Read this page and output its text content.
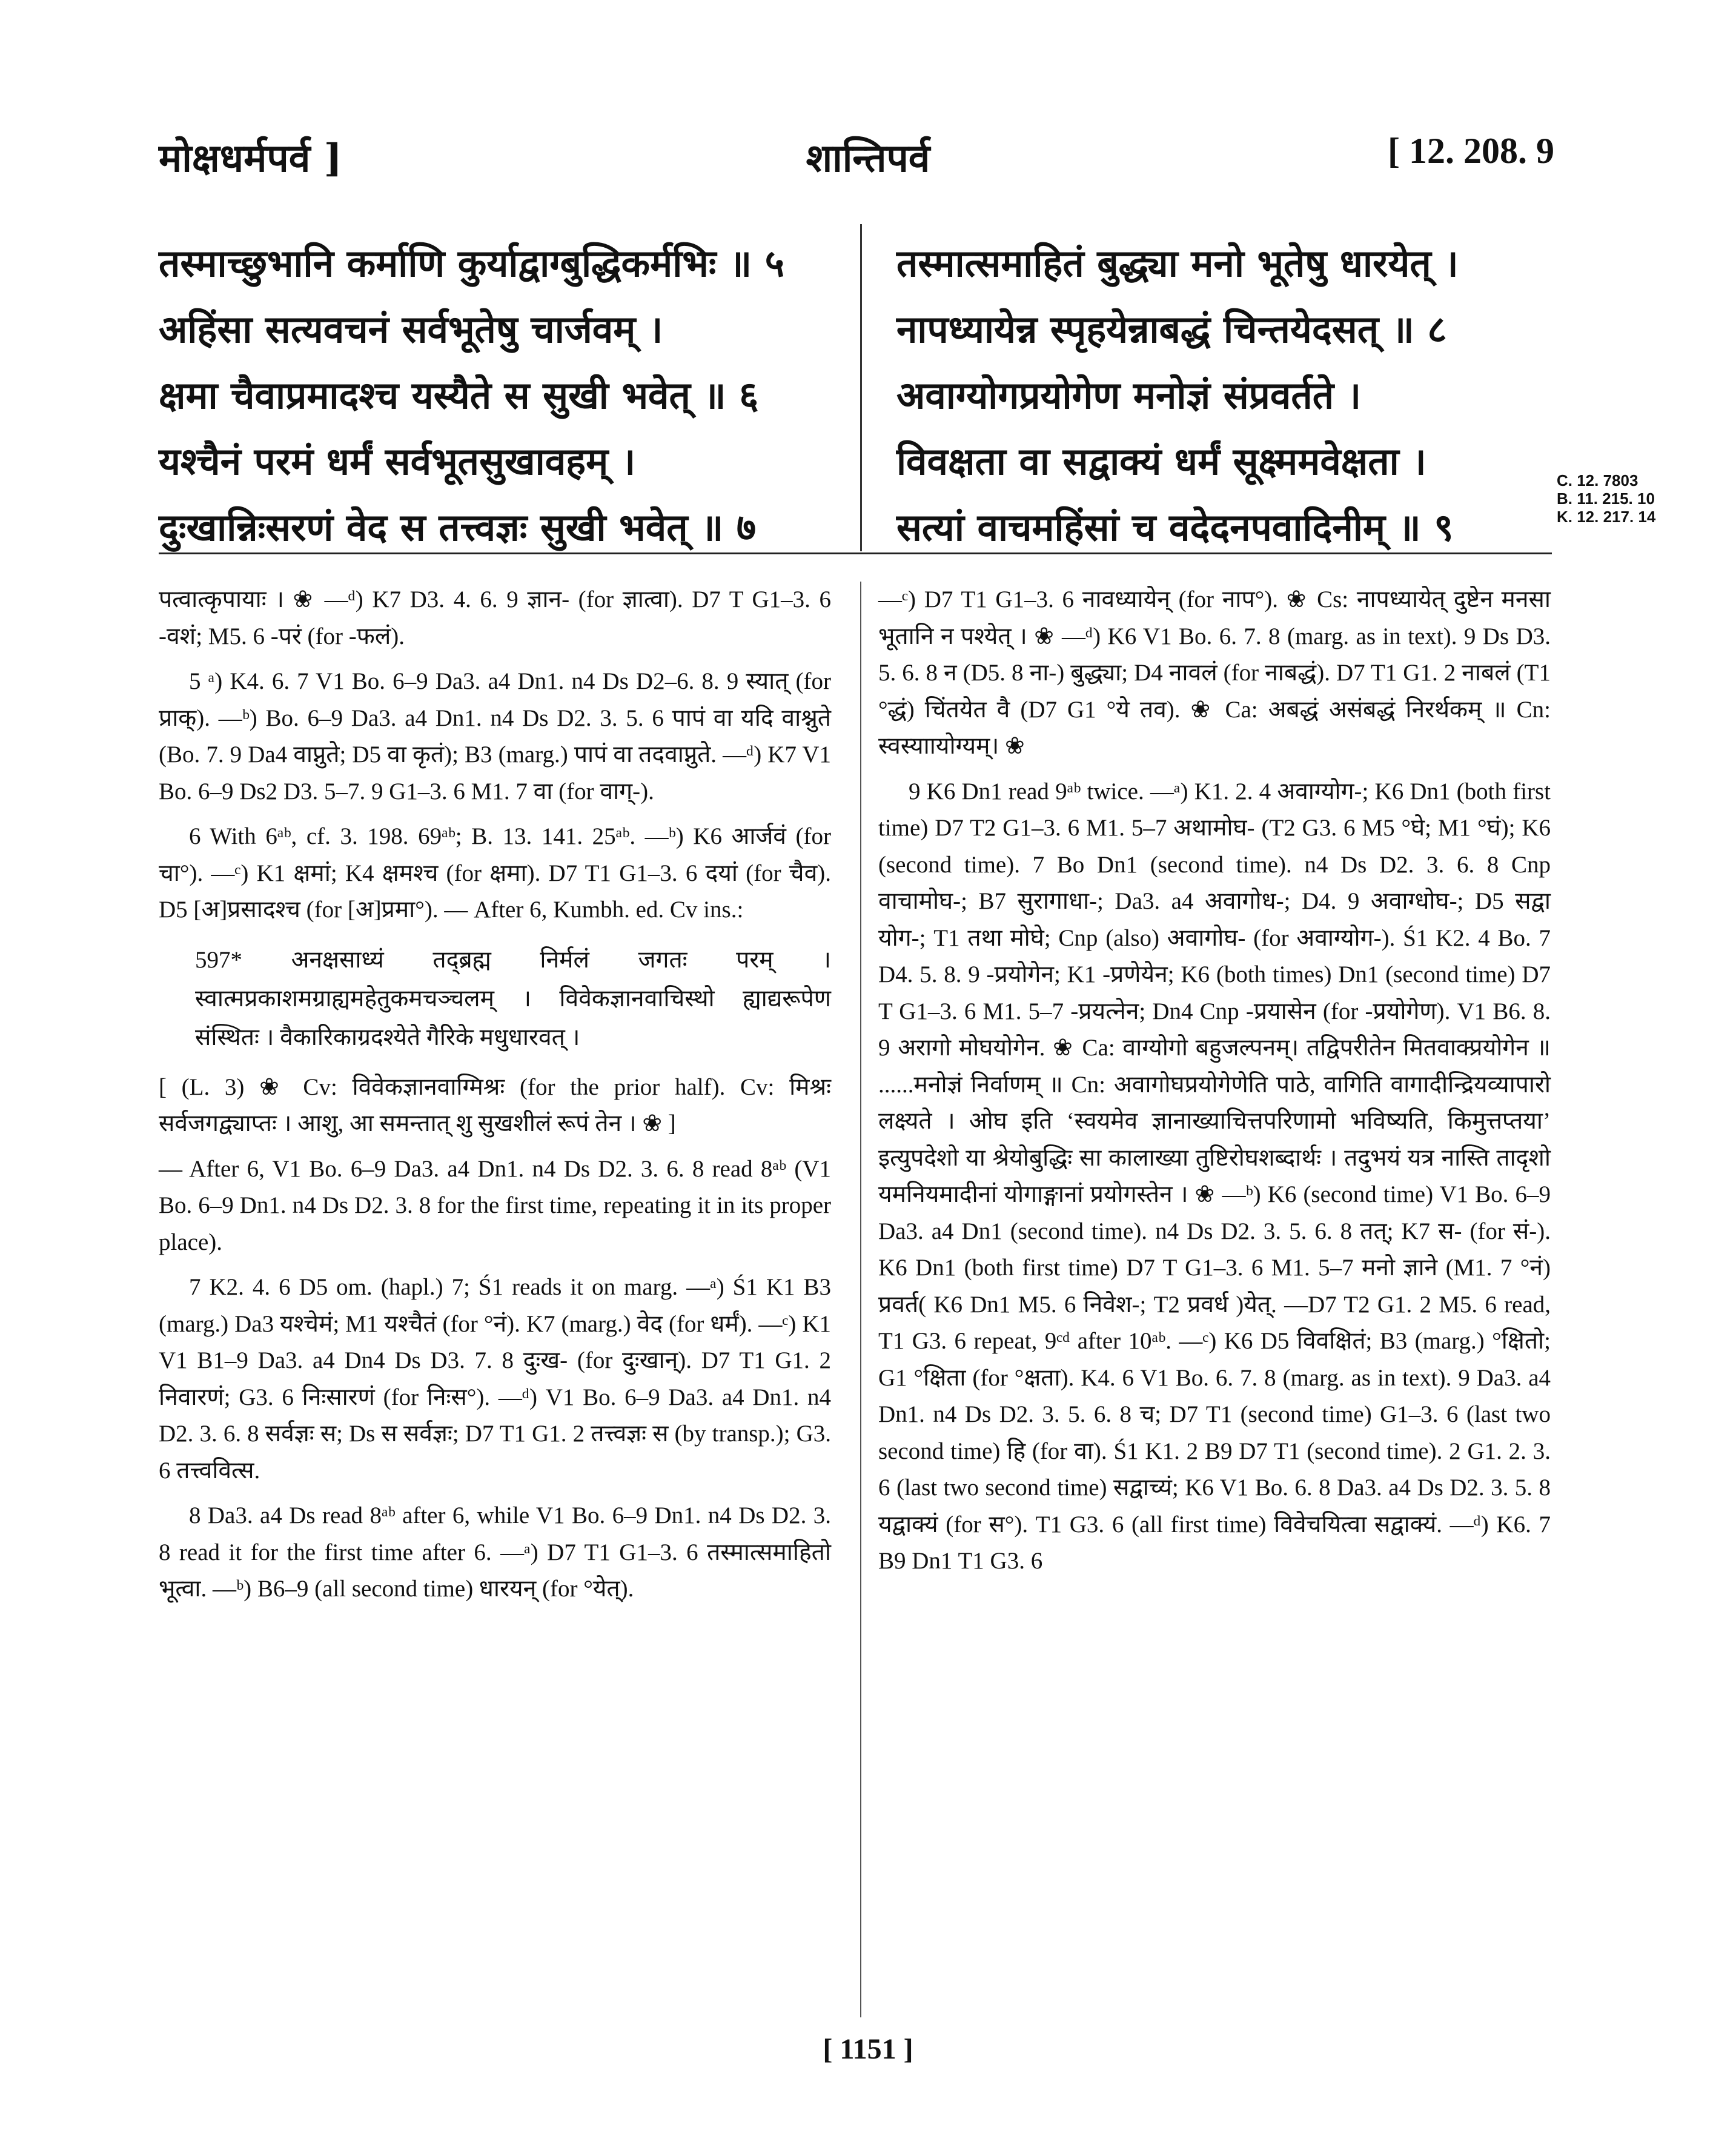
मोक्षधर्मपर्व ]	शान्तिपर्व	[ 12. 208. 9
तस्माच्छुभानि कर्माणि कुर्याद्वाग्बुद्धिकर्मभिः ॥ ५
अहिंसा सत्यवचनं सर्वभूतेषु चार्जवम् ।
क्षमा चैवाप्रमादश्च यस्यैते स सुखी भवेत् ॥ ६
यश्चैनं परमं धर्मं सर्वभूतसुखावहम् ।
दुःखान्निःसरणं वेद स तत्त्वज्ञः सुखी भवेत् ॥ ७
तस्मात्समाहितं बुद्ध्या मनो भूतेषु धारयेत् ।
नापध्यायेन्न स्पृहयेन्नाबद्धं चिन्तयेदसत् ॥ ८
अवाग्योगप्रयोगेण मनोज्ञं संप्रवर्तते ।
विवक्षता वा सद्वाक्यं धर्मं सूक्ष्ममवेक्षता ।
सत्यां वाचमहिंसां च वदेदनपवादिनीम् ॥ ९
C. 12. 7803
B. 11. 215. 10
K. 12. 217. 14

पत्वात्कृपायाः । ❀ —ᵈ) K7 D3. 4. 6. 9 ज्ञान- (for ज्ञात्वा). D7 T G1–3. 6 -वशं; M5. 6 -परं (for -फलं).

5 ᵃ) K4. 6. 7 V1 Bo. 6–9 Da3. a4 Dn1. n4 Ds D2–6. 8. 9 स्यात् (for प्राक्). —ᵇ) Bo. 6–9 Da3. a4 Dn1. n4 Ds D2. 3. 5. 6 पापं वा यदि वाश्नुते (Bo. 7. 9 Da4 वाप्नुते; D5 वा कृतं); B3 (marg.) पापं वा तदवाप्नुते. —ᵈ) K7 V1 Bo. 6–9 Ds2 D3. 5–7. 9 G1–3. 6 M1. 7 वा (for वाग्-).

6 With 6ᵃᵇ, cf. 3. 198. 69ᵃᵇ; B. 13. 141. 25ᵃᵇ. —ᵇ) K6 आर्जवं (for चा°). —ᶜ) K1 क्षमां; K4 क्षमश्च (for क्षमा). D7 T1 G1–3. 6 दयां (for चैव). D5 [अ]प्रसादश्च (for [अ]प्रमा°). — After 6, Kumbh. ed. Cv ins.:

597* अनक्षसाध्यं तद्ब्रह्म निर्मलं जगतः परम् । स्वात्मप्रकाशमग्राह्यमहेतुकमचञ्चलम् । विवेकज्ञानवाचिस्थो ह्याद्यरूपेण संस्थितः । वैकारिकाग्रदश्येते गैरिके मधुधारवत् ।

[ (L. 3) ❀ Cv: विवेकज्ञानवाग्मिश्रः (for the prior half). Cv: मिश्रः सर्वजगद्व्याप्तः । आशु, आ समन्तात् शु सुखशीलं रूपं तेन । ❀ ]

— After 6, V1 Bo. 6–9 Da3. a4 Dn1. n4 Ds D2. 3. 6. 8 read 8ᵃᵇ (V1 Bo. 6–9 Dn1. n4 Ds D2. 3. 8 for the first time, repeating it in its proper place).

7 K2. 4. 6 D5 om. (hapl.) 7; Ś1 reads it on marg. —ᵃ) Ś1 K1 B3 (marg.) Da3 यश्चेमं; M1 यश्चैतं (for °नं). K7 (marg.) वेद (for धर्मं). —ᶜ) K1 V1 B1–9 Da3. a4 Dn4 Ds D3. 7. 8 दुःख- (for दुःखान्). D7 T1 G1. 2 निवारणं; G3. 6 निःसारणं (for निःस°). —ᵈ) V1 Bo. 6–9 Da3. a4 Dn1. n4 D2. 3. 6. 8 सर्वज्ञः स; Ds स सर्वज्ञः; D7 T1 G1. 2 तत्त्वज्ञः स (by transp.); G3. 6 तत्त्ववित्स.

8 Da3. a4 Ds read 8ᵃᵇ after 6, while V1 Bo. 6–9 Dn1. n4 Ds D2. 3. 8 read it for the first time after 6. —ᵃ) D7 T1 G1–3. 6 तस्मात्समाहितो भूत्वा. —ᵇ) B6–9 (all second time) धारयन् (for °येत्).

—ᶜ) D7 T1 G1–3. 6 नावध्यायेन् (for नाप°). ❀ Cs: नापध्यायेत् दुष्टेन मनसा भूतानि न पश्येत् । ❀ —ᵈ) K6 V1 Bo. 6. 7. 8 (marg. as in text). 9 Ds D3. 5. 6. 8 न (D5. 8 ना-) बुद्ध्या; D4 नावलं (for नाबद्धं). D7 T1 G1. 2 नाबलं (T1 °द्धं) चिंतयेत वै (D7 G1 °ये तव). ❀ Ca: अबद्धं असंबद्धं निरर्थकम् ॥ Cn: स्वस्याायोग्यम्। ❀

9 K6 Dn1 read 9ᵃᵇ twice. —ᵃ) K1. 2. 4 अवाग्योग-; K6 Dn1 (both first time) D7 T2 G1–3. 6 M1. 5–7 अथामोघ- (T2 G3. 6 M5 °घे; M1 °घं); K6 (second time). 7 Bo Dn1 (second time). n4 Ds D2. 3. 6. 8 Cnp वाचामोघ-; B7 सुरागाधा-; Da3. a4 अवागोध-; D4. 9 अवाग्धोघ-; D5 सद्वा योग-; T1 तथा मोघे; Cnp (also) अवागोघ- (for अवाग्योग-). Ś1 K2. 4 Bo. 7 D4. 5. 8. 9 -प्रयोगेन; K1 -प्रणेयेन; K6 (both times) Dn1 (second time) D7 T G1–3. 6 M1. 5–7 -प्रयत्नेन; Dn4 Cnp -प्रयासेन (for -प्रयोगेण). V1 B6. 8. 9 अरागो मोघयोगेन. ❀ Ca: वाग्योगो बहुजल्पनम्। तद्विपरीतेन मितवाक्प्रयोगेन ॥ ......मनोज्ञं निर्वाणम् ॥ Cn: अवागोघप्रयोगेणेति पाठे, वागिति वागादीन्द्रियव्यापारो लक्ष्यते । ओघ इति ‘स्वयमेव ज्ञानाख्याचित्तपरिणामो भविष्यति, किमुत्तप्तया’ इत्युपदेशो या श्रेयोबुद्धिः सा कालाख्या तुष्टिरोघशब्दार्थः । तदुभयं यत्र नास्ति तादृशो यमनियमादीनां योगाङ्गानां प्रयोगस्तेन । ❀ —ᵇ) K6 (second time) V1 Bo. 6–9 Da3. a4 Dn1 (second time). n4 Ds D2. 3. 5. 6. 8 तत्; K7 स- (for सं-). K6 Dn1 (both first time) D7 T G1–3. 6 M1. 5–7 मनो ज्ञाने (M1. 7 °नं) प्रवर्त( K6 Dn1 M5. 6 निवेश-; T2 प्रवर्ध )येत्. —D7 T2 G1. 2 M5. 6 read, T1 G3. 6 repeat, 9ᶜᵈ after 10ᵃᵇ. —ᶜ) K6 D5 विवक्षितं; B3 (marg.) °क्षितो; G1 °क्षिता (for °क्षता). K4. 6 V1 Bo. 6. 7. 8 (marg. as in text). 9 Da3. a4 Dn1. n4 Ds D2. 3. 5. 6. 8 च; D7 T1 (second time) G1–3. 6 (last two second time) हि (for वा). Ś1 K1. 2 B9 D7 T1 (second time). 2 G1. 2. 3. 6 (last two second time) सद्वाच्यं; K6 V1 Bo. 6. 8 Da3. a4 Ds D2. 3. 5. 8 यद्वाक्यं (for स°). T1 G3. 6 (all first time) विवेचयित्वा सद्वाक्यं. —ᵈ) K6. 7 B9 Dn1 T1 G3. 6

[ 1151 ]
